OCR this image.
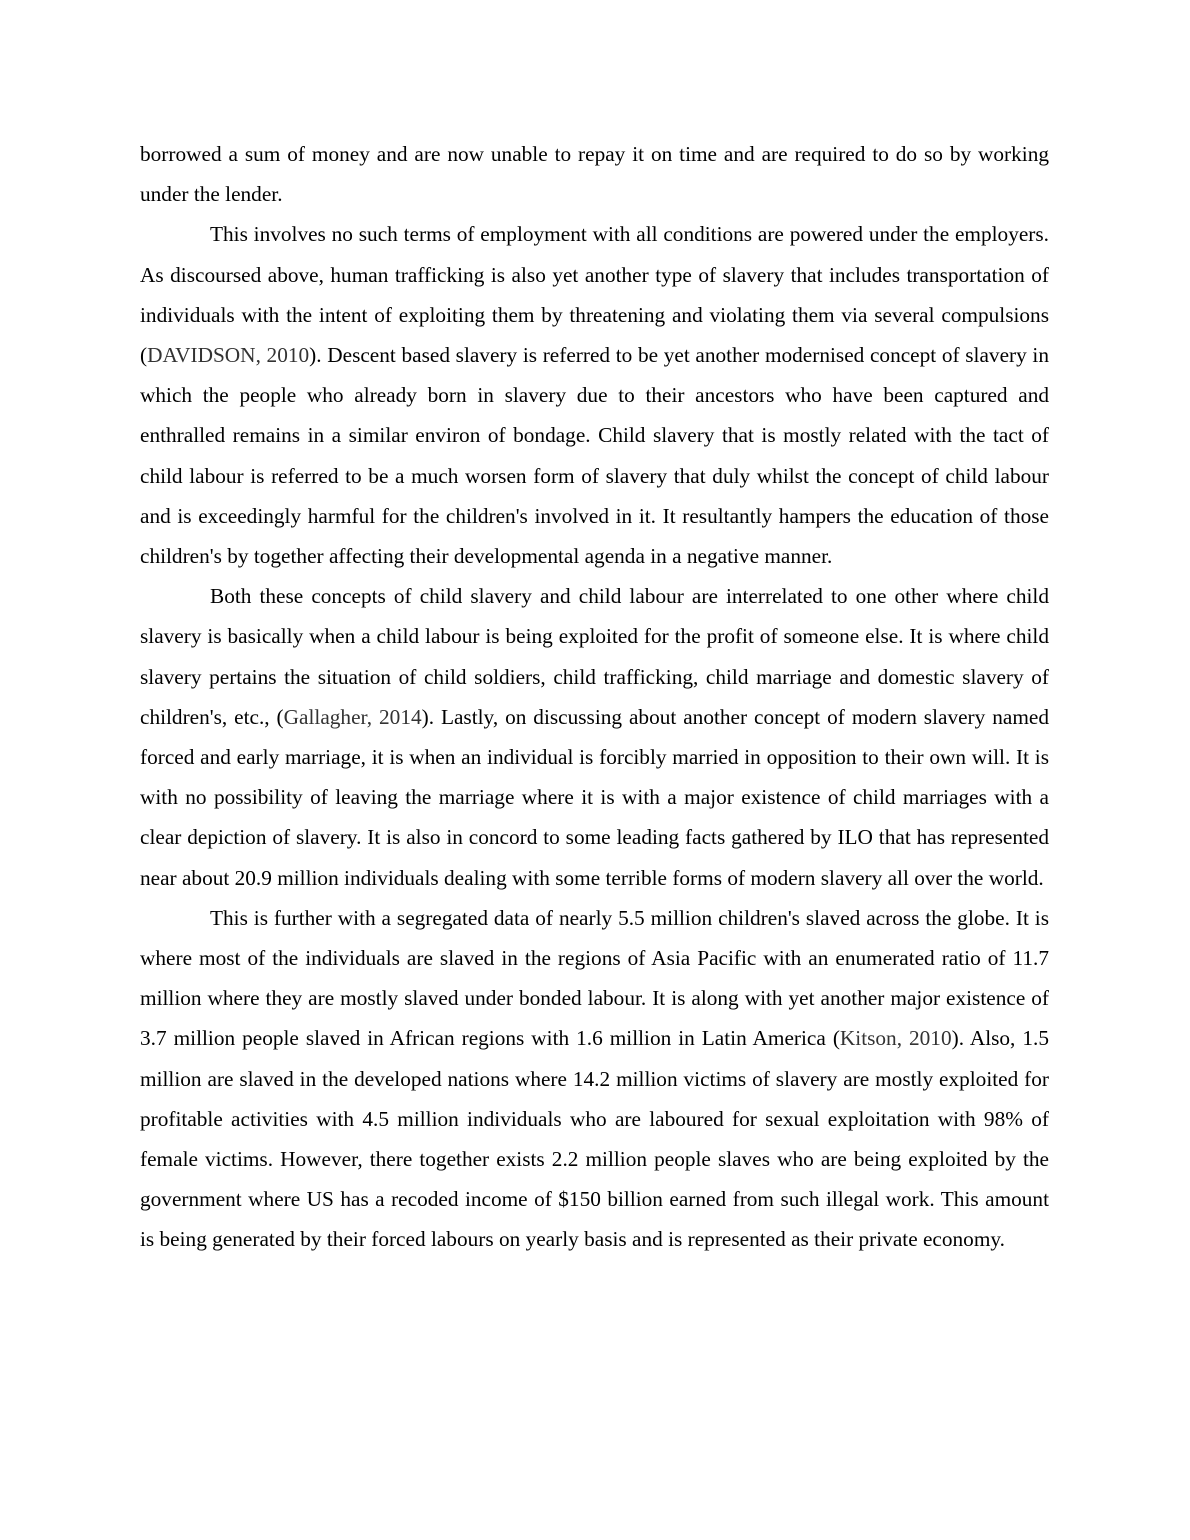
borrowed a sum of money and are now unable to repay it on time and are required to do so by working under the lender.

This involves no such terms of employment with all conditions are powered under the employers. As discoursed above, human trafficking is also yet another type of slavery that includes transportation of individuals with the intent of exploiting them by threatening and violating them via several compulsions (DAVIDSON, 2010). Descent based slavery is referred to be yet another modernised concept of slavery in which the people who already born in slavery due to their ancestors who have been captured and enthralled remains in a similar environ of bondage. Child slavery that is mostly related with the tact of child labour is referred to be a much worsen form of slavery that duly whilst the concept of child labour and is exceedingly harmful for the children's involved in it. It resultantly hampers the education of those children's by together affecting their developmental agenda in a negative manner.

Both these concepts of child slavery and child labour are interrelated to one other where child slavery is basically when a child labour is being exploited for the profit of someone else. It is where child slavery pertains the situation of child soldiers, child trafficking, child marriage and domestic slavery of children's, etc., (Gallagher, 2014). Lastly, on discussing about another concept of modern slavery named forced and early marriage, it is when an individual is forcibly married in opposition to their own will. It is with no possibility of leaving the marriage where it is with a major existence of child marriages with a clear depiction of slavery. It is also in concord to some leading facts gathered by ILO that has represented near about 20.9 million individuals dealing with some terrible forms of modern slavery all over the world.

This is further with a segregated data of nearly 5.5 million children's slaved across the globe. It is where most of the individuals are slaved in the regions of Asia Pacific with an enumerated ratio of 11.7 million where they are mostly slaved under bonded labour. It is along with yet another major existence of 3.7 million people slaved in African regions with 1.6 million in Latin America (Kitson, 2010). Also, 1.5 million are slaved in the developed nations where 14.2 million victims of slavery are mostly exploited for profitable activities with 4.5 million individuals who are laboured for sexual exploitation with 98% of female victims. However, there together exists 2.2 million people slaves who are being exploited by the government where US has a recoded income of $150 billion earned from such illegal work. This amount is being generated by their forced labours on yearly basis and is represented as their private economy.
